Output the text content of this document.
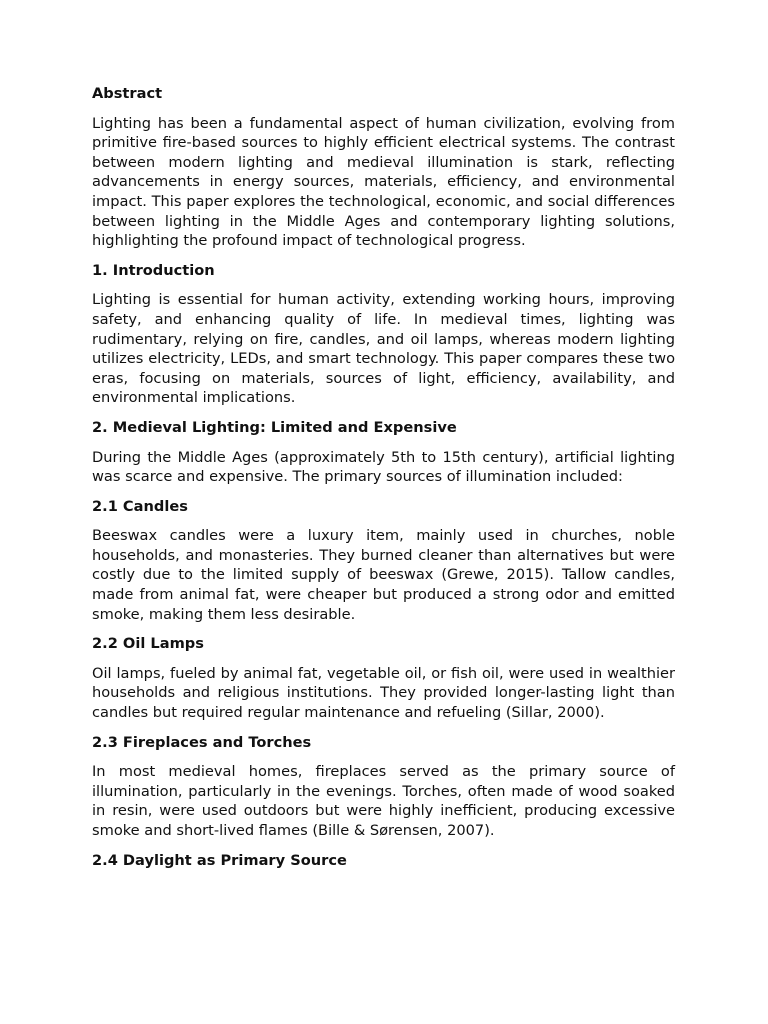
Abstract
Lighting has been a fundamental aspect of human civilization, evolving from primitive fire-based sources to highly efficient electrical systems. The contrast between modern lighting and medieval illumination is stark, reflecting advancements in energy sources, materials, efficiency, and environmental impact. This paper explores the technological, economic, and social differences between lighting in the Middle Ages and contemporary lighting solutions, highlighting the profound impact of technological progress.
1. Introduction
Lighting is essential for human activity, extending working hours, improving safety, and enhancing quality of life. In medieval times, lighting was rudimentary, relying on fire, candles, and oil lamps, whereas modern lighting utilizes electricity, LEDs, and smart technology. This paper compares these two eras, focusing on materials, sources of light, efficiency, availability, and environmental implications.
2. Medieval Lighting: Limited and Expensive
During the Middle Ages (approximately 5th to 15th century), artificial lighting was scarce and expensive. The primary sources of illumination included:
2.1 Candles
Beeswax candles were a luxury item, mainly used in churches, noble households, and monasteries. They burned cleaner than alternatives but were costly due to the limited supply of beeswax (Grewe, 2015). Tallow candles, made from animal fat, were cheaper but produced a strong odor and emitted smoke, making them less desirable.
2.2 Oil Lamps
Oil lamps, fueled by animal fat, vegetable oil, or fish oil, were used in wealthier households and religious institutions. They provided longer-lasting light than candles but required regular maintenance and refueling (Sillar, 2000).
2.3 Fireplaces and Torches
In most medieval homes, fireplaces served as the primary source of illumination, particularly in the evenings. Torches, often made of wood soaked in resin, were used outdoors but were highly inefficient, producing excessive smoke and short-lived flames (Bille & Sørensen, 2007).
2.4 Daylight as Primary Source
